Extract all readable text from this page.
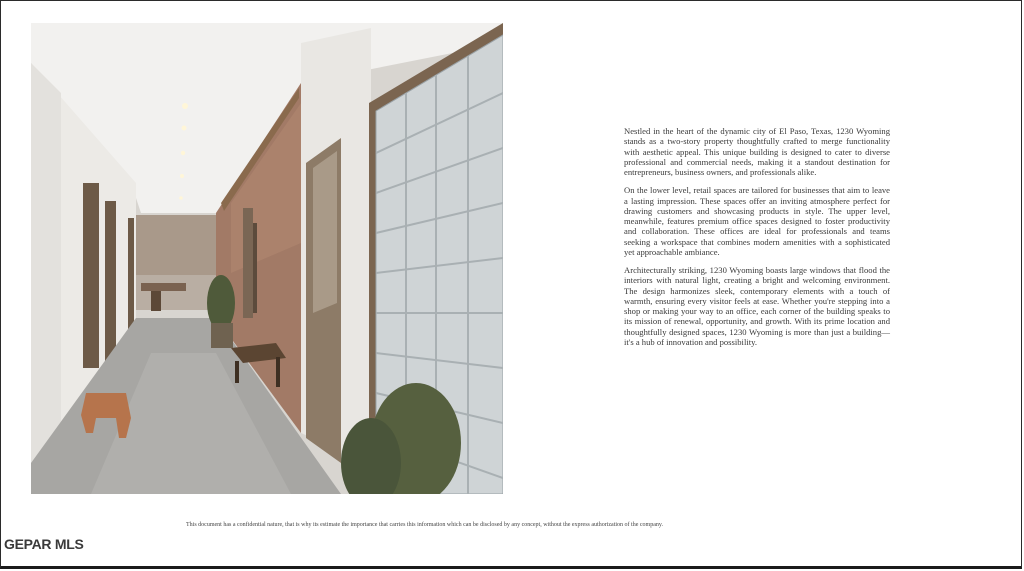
Nestled in the heart of the dynamic city of El Paso, Texas, 1230 Wyoming stands as a two-story property thoughtfully crafted to merge functionality with aesthetic appeal. This unique building is designed to cater to diverse professional and commercial needs, making it a standout destination for entrepreneurs, business owners, and professionals alike.

On the lower level, retail spaces are tailored for businesses that aim to leave a lasting impression. These spaces offer an inviting atmosphere perfect for drawing customers and showcasing products in style. The upper level, meanwhile, features premium office spaces designed to foster productivity and collaboration. These offices are ideal for professionals and teams seeking a workspace that combines modern amenities with a sophisticated yet approachable ambiance.

Architecturally striking, 1230 Wyoming boasts large windows that flood the interiors with natural light, creating a bright and welcoming environment. The design harmonizes sleek, contemporary elements with a touch of warmth, ensuring every visitor feels at ease. Whether you're stepping into a shop or making your way to an office, each corner of the building speaks to its mission of renewal, opportunity, and growth. With its prime location and thoughtfully designed spaces, 1230 Wyoming is more than just a building—it's a hub of innovation and possibility.

This document has a confidential nature, that is why its estimate the importance that carries this information which can be disclosed by any concept, without the express authorization of the company.
GEPAR MLS
